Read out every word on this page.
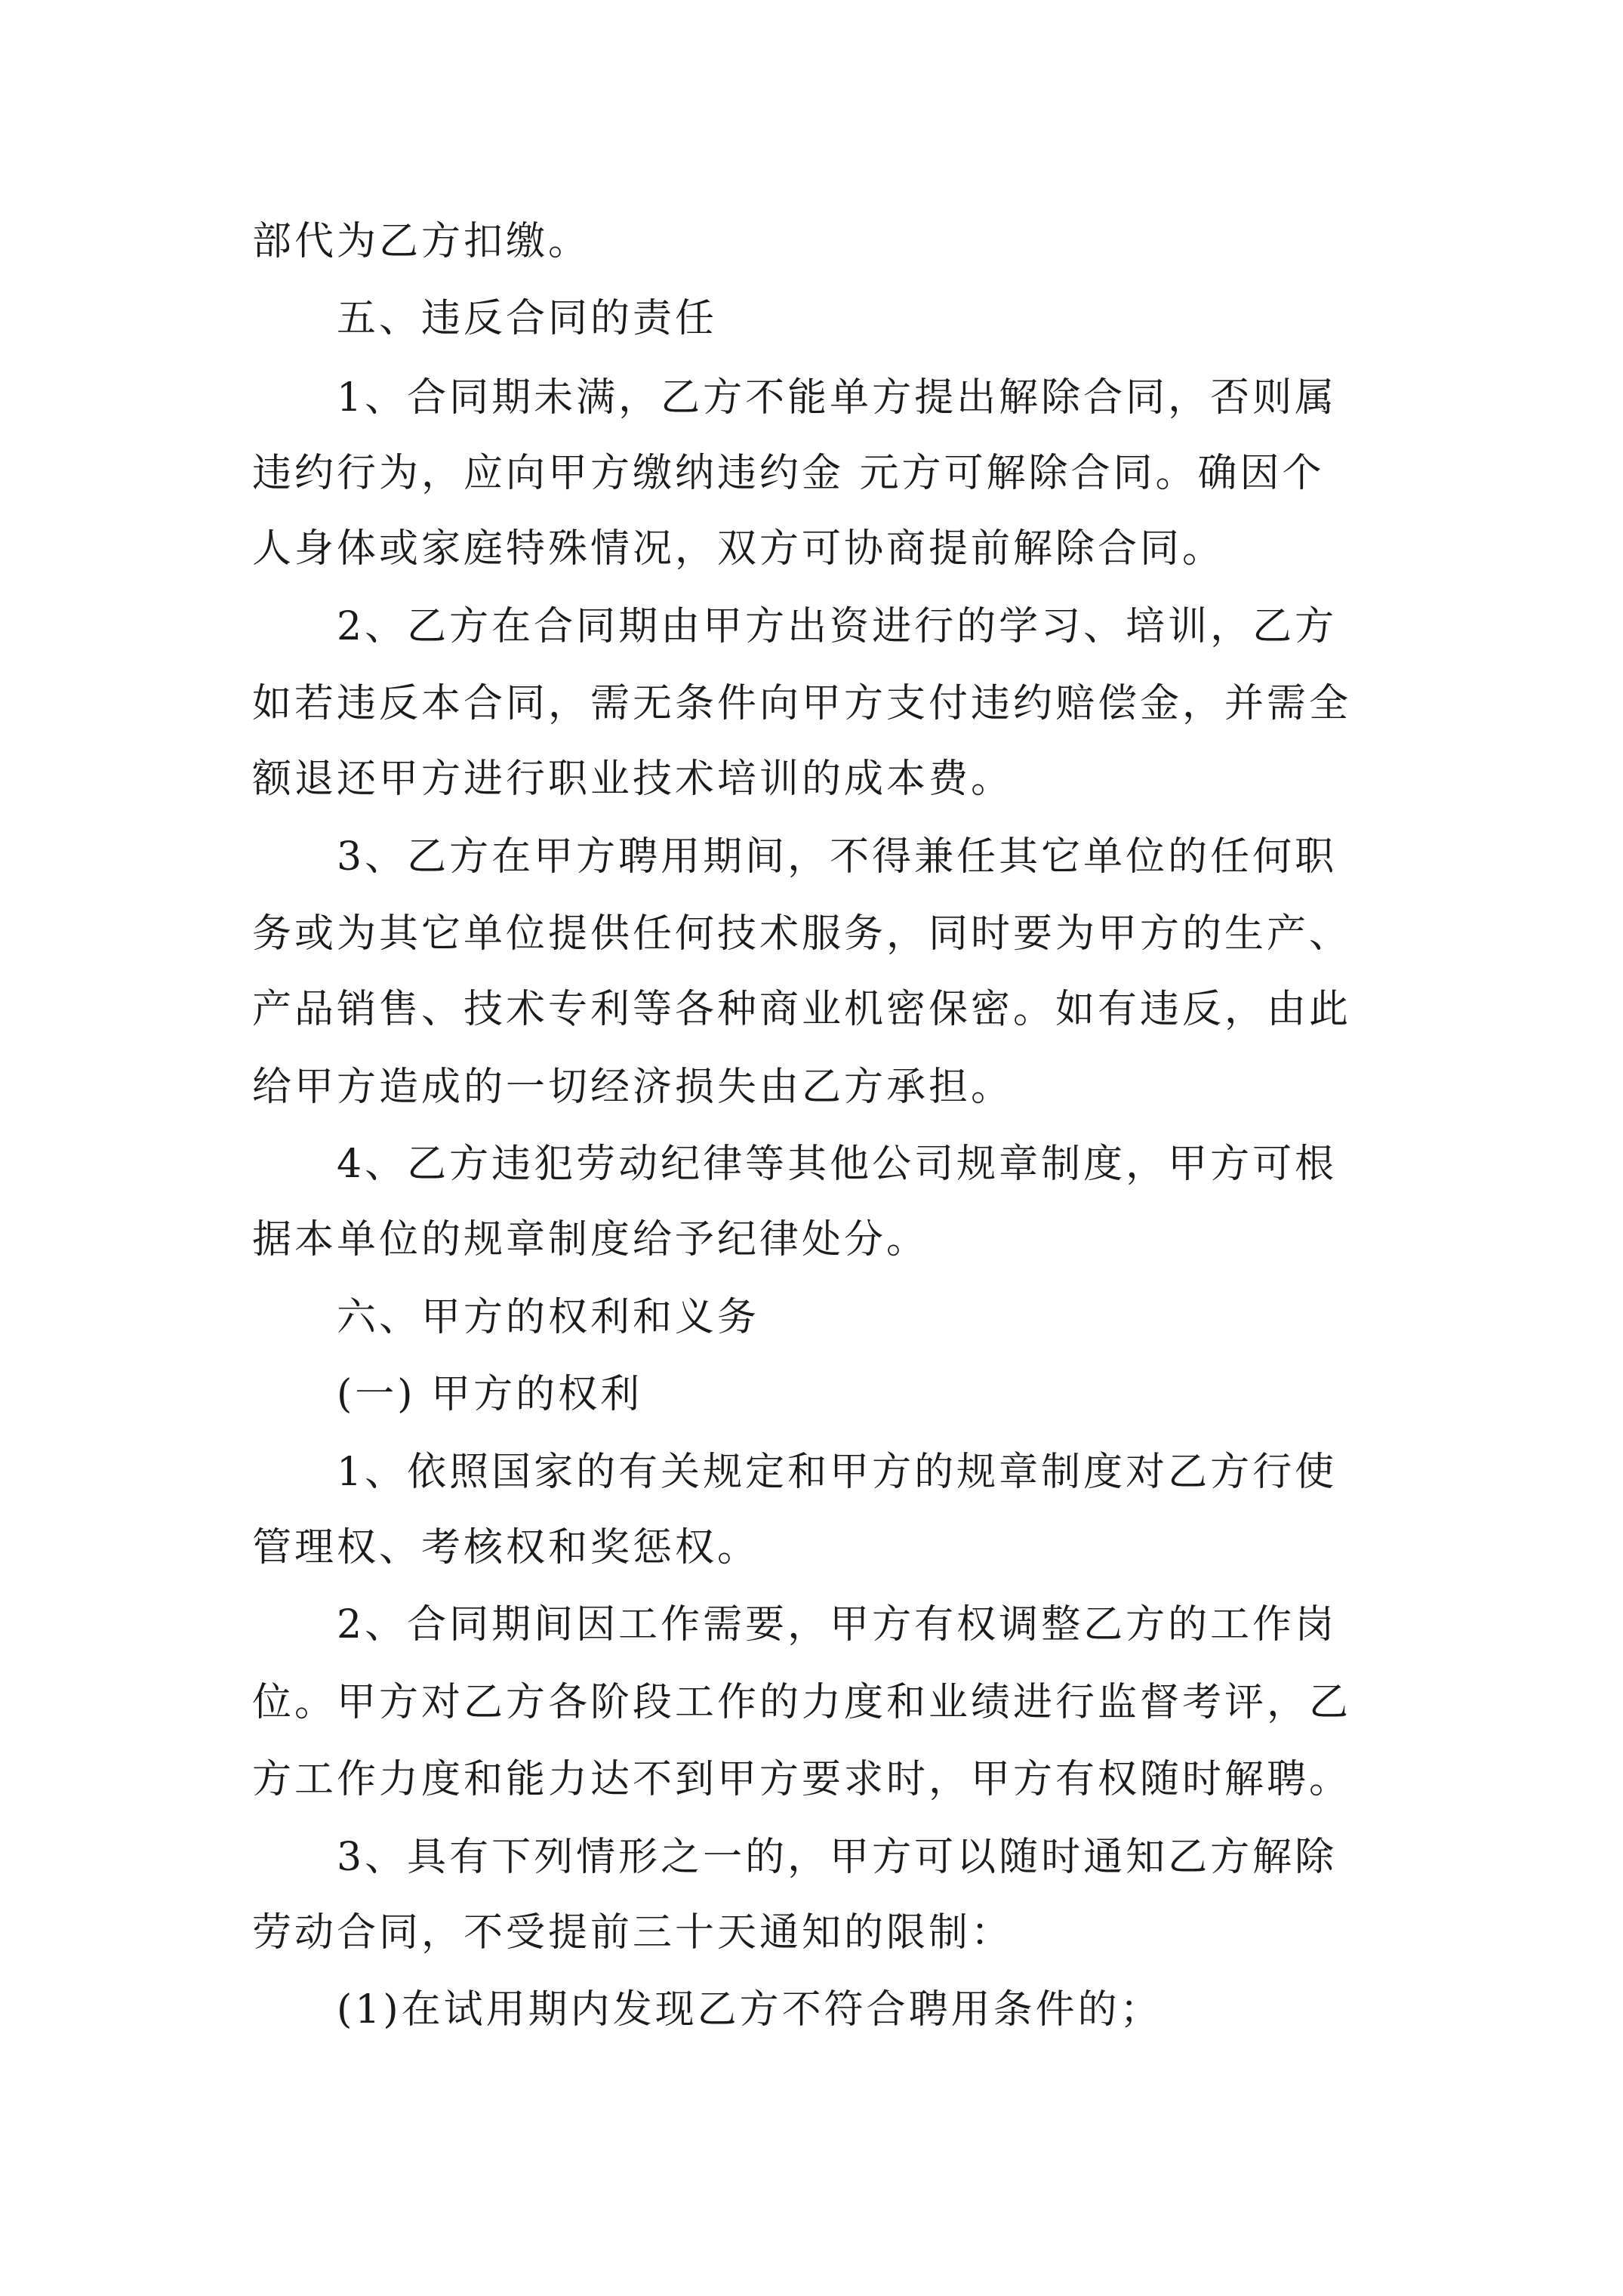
部代为乙方扣缴。
五、违反合同的责任
1、合同期未满，乙方不能单方提出解除合同，否则属
违约行为，应向甲方缴纳违约金 元方可解除合同。确因个
人身体或家庭特殊情况，双方可协商提前解除合同。
2、乙方在合同期由甲方出资进行的学习、培训，乙方
如若违反本合同，需无条件向甲方支付违约赔偿金，并需全
额退还甲方进行职业技术培训的成本费。
3、乙方在甲方聘用期间，不得兼任其它单位的任何职
务或为其它单位提供任何技术服务，同时要为甲方的生产、
产品销售、技术专利等各种商业机密保密。如有违反，由此
给甲方造成的一切经济损失由乙方承担。
4、乙方违犯劳动纪律等其他公司规章制度，甲方可根
据本单位的规章制度给予纪律处分。
六、甲方的权利和义务
(一) 甲方的权利
1、依照国家的有关规定和甲方的规章制度对乙方行使
管理权、考核权和奖惩权。
2、合同期间因工作需要，甲方有权调整乙方的工作岗
位。甲方对乙方各阶段工作的力度和业绩进行监督考评，乙
方工作力度和能力达不到甲方要求时，甲方有权随时解聘。
3、具有下列情形之一的，甲方可以随时通知乙方解除
劳动合同，不受提前三十天通知的限制：
(1)在试用期内发现乙方不符合聘用条件的；
